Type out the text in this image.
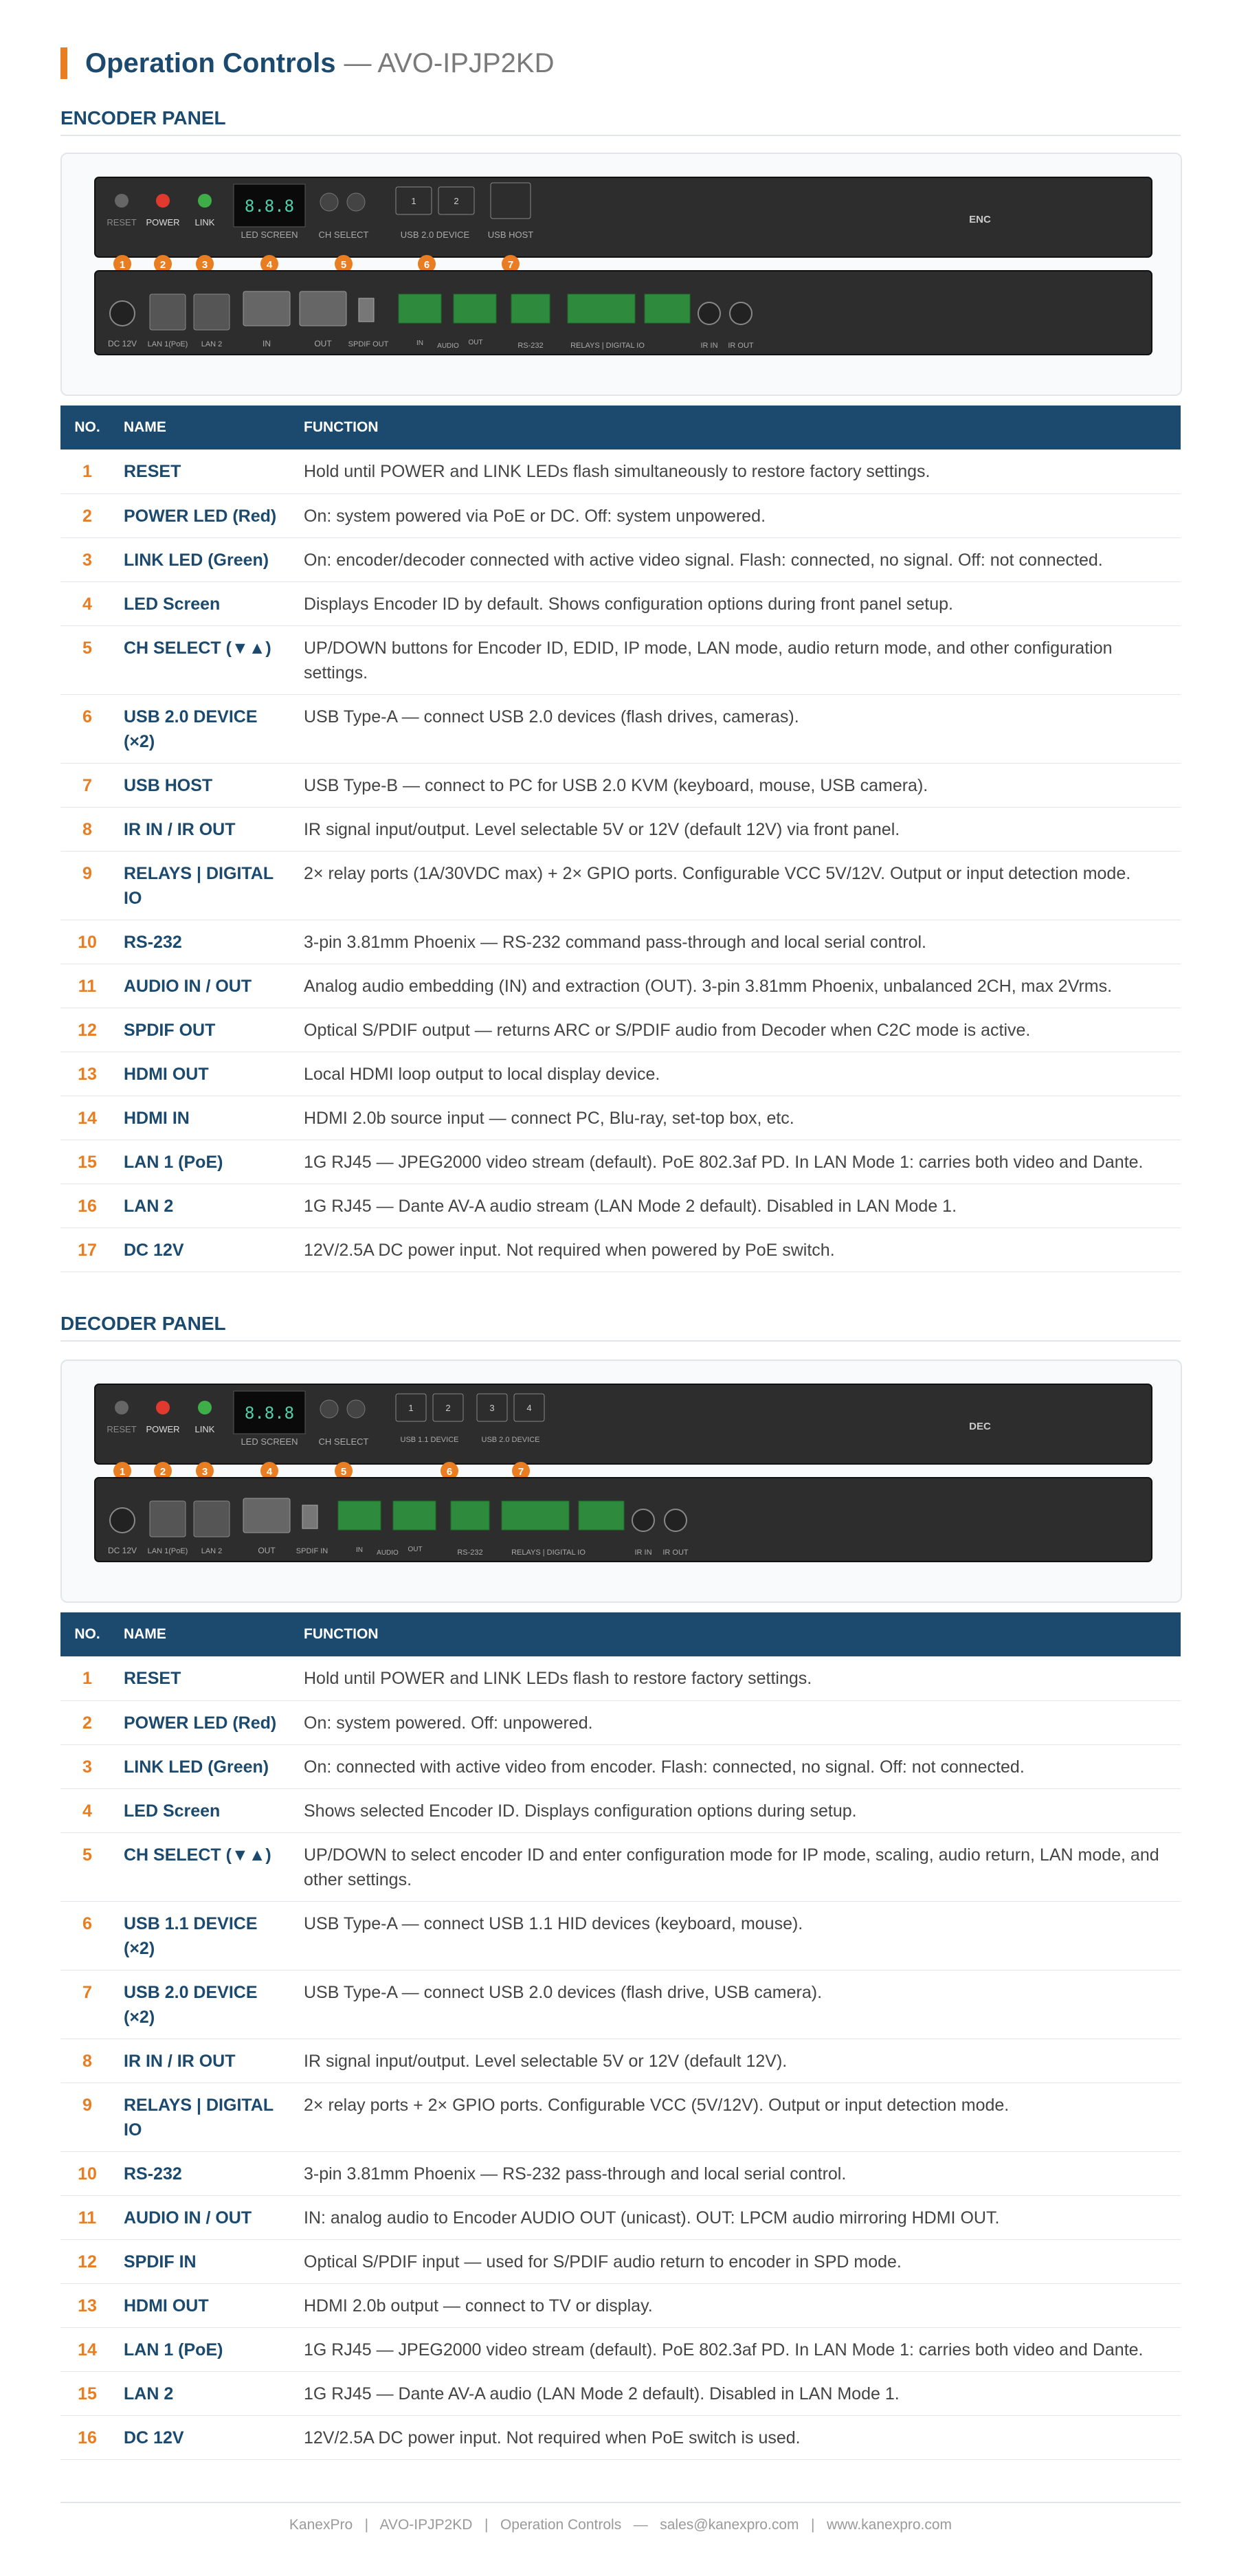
Operation Controls — AVO-IPJP2KD
ENCODER PANEL
RESET POWER LINK
8.8.8
LED SCREEN CH SELECT
1	2
USB 2.0 DEVICE USB HOST
ENC
1	2	3	4	5	6	7
DC 12V LAN 1(PoE) LAN 2	IN	OUT SPDIF OUT	IN AUDIO OUT	RS-232	RELAYS | DIGITAL IO	IR IN IR OUT
NO.	NAME	FUNCTION
1	RESET	Hold until POWER and LINK LEDs flash simultaneously to restore factory settings.
2	POWER LED (Red)	On: system powered via PoE or DC. Off: system unpowered.
3	LINK LED (Green)	On: encoder/decoder connected with active video signal. Flash: connected, no signal. Off: not connected.
4	LED Screen	Displays Encoder ID by default. Shows configuration options during front panel setup.
5	CH SELECT (▼▲)	UP/DOWN buttons for Encoder ID, EDID, IP mode, LAN mode, audio return mode, and other configuration settings.
6	USB 2.0 DEVICE (×2)	USB Type-A — connect USB 2.0 devices (flash drives, cameras).
7	USB HOST	USB Type-B — connect to PC for USB 2.0 KVM (keyboard, mouse, USB camera).
8	IR IN / IR OUT	IR signal input/output. Level selectable 5V or 12V (default 12V) via front panel.
9	RELAYS | DIGITAL IO	2× relay ports (1A/30VDC max) + 2× GPIO ports. Configurable VCC 5V/12V. Output or input detection mode.
10	RS-232	3-pin 3.81mm Phoenix — RS-232 command pass-through and local serial control.
11	AUDIO IN / OUT	Analog audio embedding (IN) and extraction (OUT). 3-pin 3.81mm Phoenix, unbalanced 2CH, max 2Vrms.
12	SPDIF OUT	Optical S/PDIF output — returns ARC or S/PDIF audio from Decoder when C2C mode is active.
13	HDMI OUT	Local HDMI loop output to local display device.
14	HDMI IN	HDMI 2.0b source input — connect PC, Blu-ray, set-top box, etc.
15	LAN 1 (PoE)	1G RJ45 — JPEG2000 video stream (default). PoE 802.3af PD. In LAN Mode 1: carries both video and Dante.
16	LAN 2	1G RJ45 — Dante AV-A audio stream (LAN Mode 2 default). Disabled in LAN Mode 1.
17	DC 12V	12V/2.5A DC power input. Not required when powered by PoE switch.
DECODER PANEL
RESET POWER LINK
8.8.8
LED SCREEN CH SELECT
1	2
USB 1.1 DEVICE
3	4
USB 2.0 DEVICE
DEC
1	2	3	4	5	6	7
DC 12V LAN 1(PoE) LAN 2	OUT	SPDIF IN	IN AUDIO OUT	RS-232	RELAYS | DIGITAL IO	IR IN IR OUT
NO.	NAME	FUNCTION
1	RESET	Hold until POWER and LINK LEDs flash to restore factory settings.
2	POWER LED (Red)	On: system powered. Off: unpowered.
3	LINK LED (Green)	On: connected with active video from encoder. Flash: connected, no signal. Off: not connected.
4	LED Screen	Shows selected Encoder ID. Displays configuration options during setup.
5	CH SELECT (▼▲)	UP/DOWN to select encoder ID and enter configuration mode for IP mode, scaling, audio return, LAN mode, and other settings.
6	USB 1.1 DEVICE (×2)	USB Type-A — connect USB 1.1 HID devices (keyboard, mouse).
7	USB 2.0 DEVICE (×2)	USB Type-A — connect USB 2.0 devices (flash drive, USB camera).
8	IR IN / IR OUT	IR signal input/output. Level selectable 5V or 12V (default 12V).
9	RELAYS | DIGITAL IO	2× relay ports + 2× GPIO ports. Configurable VCC (5V/12V). Output or input detection mode.
10	RS-232	3-pin 3.81mm Phoenix — RS-232 pass-through and local serial control.
11	AUDIO IN / OUT	IN: analog audio to Encoder AUDIO OUT (unicast). OUT: LPCM audio mirroring HDMI OUT.
12	SPDIF IN	Optical S/PDIF input — used for S/PDIF audio return to encoder in SPD mode.
13	HDMI OUT	HDMI 2.0b output — connect to TV or display.
14	LAN 1 (PoE)	1G RJ45 — JPEG2000 video stream (default). PoE 802.3af PD. In LAN Mode 1: carries both video and Dante.
15	LAN 2	1G RJ45 — Dante AV-A audio (LAN Mode 2 default). Disabled in LAN Mode 1.
16	DC 12V	12V/2.5A DC power input. Not required when PoE switch is used.
KanexPro   |   AVO-IPJP2KD   |   Operation Controls   —   sales@kanexpro.com   |   www.kanexpro.com
